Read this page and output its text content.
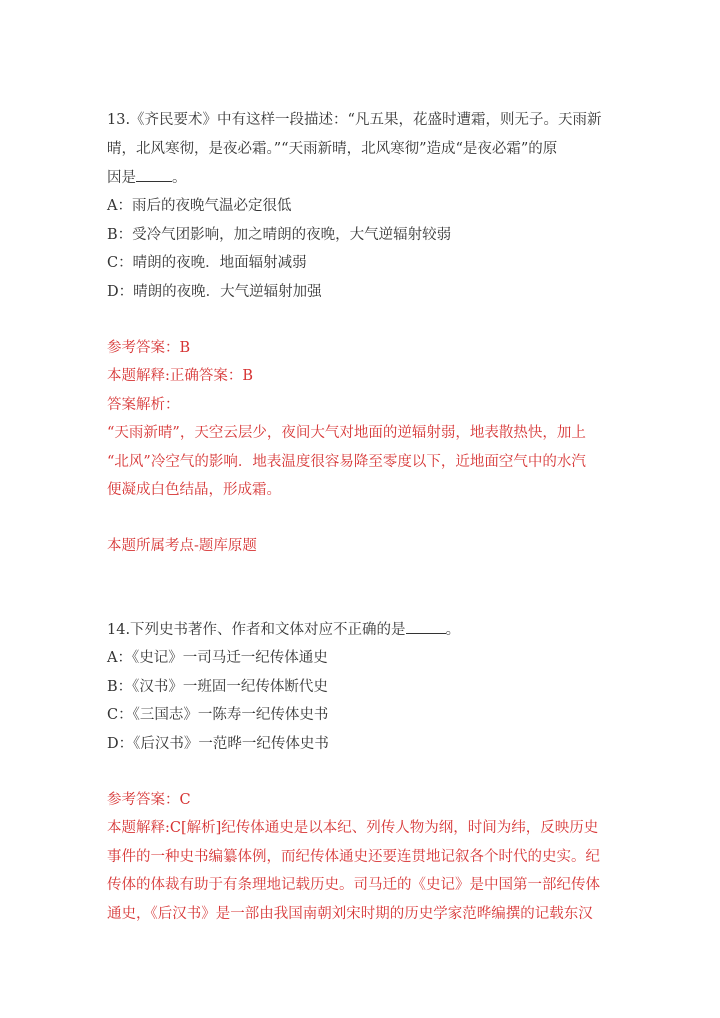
13.《齐民要术》中有这样一段描述：“凡五果，花盛时遭霜，则无子。天雨新
晴，北风寒彻，是夜必霜。”“天雨新晴，北风寒彻”造成“是夜必霜”的原
因是 。
A：雨后的夜晚气温必定很低
B：受冷气团影响，加之晴朗的夜晚，大气逆辐射较弱
C：晴朗的夜晚．地面辐射减弱
D：晴朗的夜晚．大气逆辐射加强
参考答案：B
本题解释:正确答案：B
答案解析：
“天雨新晴”，天空云层少，夜间大气对地面的逆辐射弱，地表散热快，加上
“北风”冷空气的影响．地表温度很容易降至零度以下，近地面空气中的水汽
便凝成白色结晶，形成霜。
本题所属考点-题库原题
14.下列史书著作、作者和文体对应不正确的是	。
A：《史记》一司马迁一纪传体通史
B：《汉书》一班固一纪传体断代史
C：《三国志》一陈寿一纪传体史书
D：《后汉书》一范晔一纪传体史书
参考答案：C
本题解释:C[解析]纪传体通史是以本纪、列传人物为纲，时间为纬，反映历史
事件的一种史书编纂体例，而纪传体通史还要连贯地记叙各个时代的史实。纪
传体的体裁有助于有条理地记载历史。司马迁的《史记》是中国第一部纪传体
通史，《后汉书》是一部由我国南朝刘宋时期的历史学家范晔编撰的记载东汉
